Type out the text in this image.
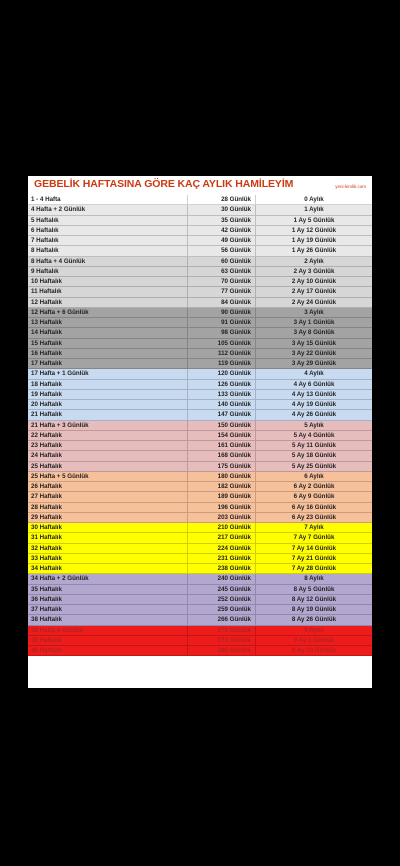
GEBELİK HAFTASINA GÖRE KAÇ AYLIK HAMİLEYİM	yeni-kimlik.com
1 - 4 Hafta	28 Günlük	0 Aylık
4 Hafta + 2 Günlük	30 Günlük	1 Aylık
5 Haftalık	35 Günlük	1 Ay 5 Günlük
6 Haftalık	42 Günlük	1 Ay 12 Günlük
7 Haftalık	49 Günlük	1 Ay 19 Günlük
8 Haftalık	56 Günlük	1 Ay 26 Günlük
8 Hafta + 4 Günlük	60 Günlük	2 Aylık
9 Haftalık	63 Günlük	2 Ay 3 Günlük
10 Haftalık	70 Günlük	2 Ay 10 Günlük
11 Haftalık	77 Günlük	2 Ay 17 Günlük
12 Haftalık	84 Günlük	2 Ay 24 Günlük
12 Hafta + 6 Günlük	90 Günlük	3 Aylık
13 Haftalık	91 Günlük	3 Ay 1 Günlük
14 Haftalık	98 Günlük	3 Ay 8 Günlük
15 Haftalık	105 Günlük	3 Ay 15 Günlük
16 Haftalık	112 Günlük	3 Ay 22 Günlük
17 Haftalık	119 Günlük	3 Ay 29 Günlük
17 Hafta + 1 Günlük	120 Günlük	4 Aylık
18 Haftalık	126 Günlük	4 Ay 6 Günlük
19 Haftalık	133 Günlük	4 Ay 13 Günlük
20 Haftalık	140 Günlük	4 Ay 19 Günlük
21 Haftalık	147 Günlük	4 Ay 26 Günlük
21 Hafta + 3 Günlük	150 Günlük	5 Aylık
22 Haftalık	154 Günlük	5 Ay 4 Günlük
23 Haftalık	161 Günlük	5 Ay 11 Günlük
24 Haftalık	168 Günlük	5 Ay 18 Günlük
25 Haftalık	175 Günlük	5 Ay 25 Günlük
25 Hafta + 5 Günlük	180 Günlük	6 Aylık
26 Haftalık	182 Günlük	6 Ay 2 Günlük
27 Haftalık	189 Günlük	6 Ay 9 Günlük
28 Haftalık	196 Günlük	6 Ay 16 Günlük
29 Haftalık	203 Günlük	6 Ay 23 Günlük
30 Haftalık	210 Günlük	7 Aylık
31 Haftalık	217 Günlük	7 Ay 7 Günlük
32 Haftalık	224 Günlük	7 Ay 14 Günlük
33 Haftalık	231 Günlük	7 Ay 21 Günlük
34 Haftalık	238 Günlük	7 Ay 28 Günlük
34 Hafta + 2 Günlük	240 Günlük	8 Aylık
35 Haftalık	245 Günlük	8 Ay 5 Günlük
36 Haftalık	252 Günlük	8 Ay 12 Günlük
37 Haftalık	259 Günlük	8 Ay 19 Günlük
38 Haftalık	266 Günlük	8 Ay 26 Günlük
38 Hafta 4 Günlük	270 Günlük	9 Aylık
39 Haftalık	273 Günlük	9 Ay 3 Günlük
40 Haftalık	280 Günlük	9 Ay 10 Günlük
